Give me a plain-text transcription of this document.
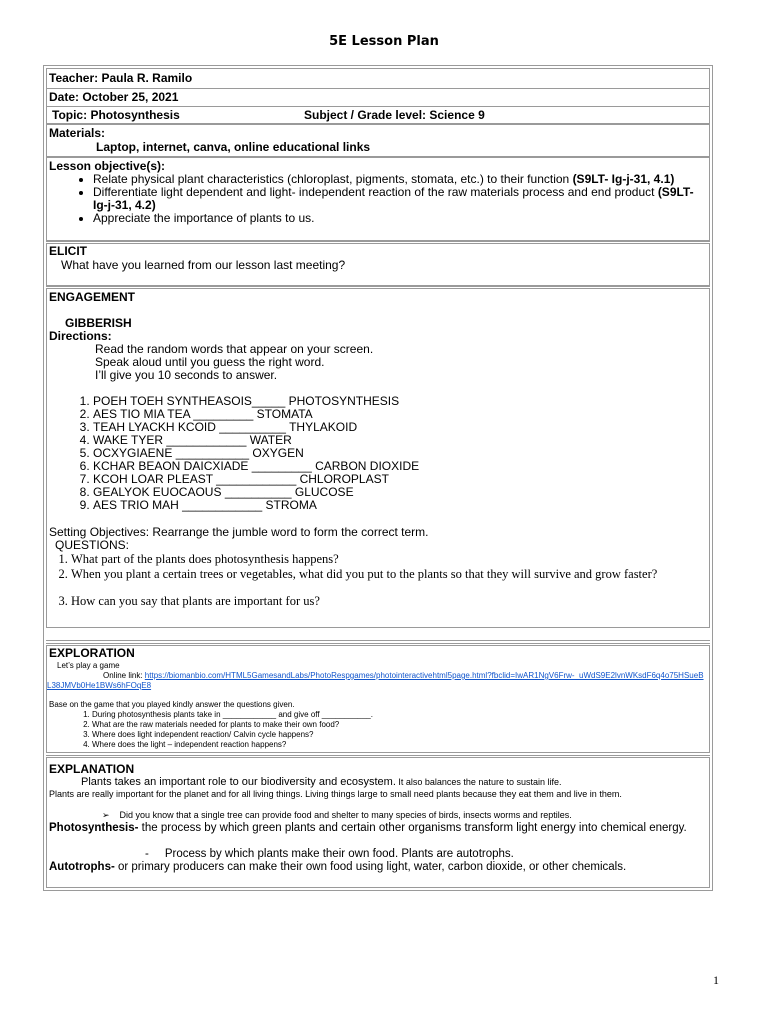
5E Lesson Plan
Teacher: Paula R. Ramilo
Date: October 25, 2021
Topic: Photosynthesis	Subject / Grade level: Science 9
Materials:
Laptop, internet, canva, online educational links
Lesson objective(s):
• Relate physical plant characteristics (chloroplast, pigments, stomata, etc.) to their function (S9LT- Ig-j-31, 4.1)
• Differentiate light dependent and light- independent reaction of the raw materials process and end product (S9LT- Ig-j-31, 4.2)
• Appreciate the importance of plants to us.
ELICIT
What have you learned from our lesson last meeting?
ENGAGEMENT
GIBBERISH
Directions:
Read the random words that appear on your screen.
Speak aloud until you guess the right word.
I’ll give you 10 seconds to answer.
1. POEH TOEH SYNTHEASOIS_____ PHOTOSYNTHESIS
2. AES TIO MIA TEA _________ STOMATA
3. TEAH LYACKH KCOID __________ THYLAKOID
4. WAKE TYER ____________ WATER
5. OCXYGIAENE ___________ OXYGEN
6. KCHAR BEAON DAICXIADE _________ CARBON DIOXIDE
7. KCOH LOAR PLEAST ____________ CHLOROPLAST
8. GEALYOK EUOCAOUS __________ GLUCOSE
9. AES TRIO MAH ____________ STROMA
Setting Objectives: Rearrange the jumble word to form the correct term.
QUESTIONS:
1. What part of the plants does photosynthesis happens?
2. When you plant a certain trees or vegetables, what did you put to the plants so that they will survive and grow faster?
3. How can you say that plants are important for us?
EXPLORATION
Let’s play a game
Online link: https://biomanbio.com/HTML5GamesandLabs/PhotoRespgames/photointeractivehtml5page.html?fbclid=IwAR1NgV6Frw-_uWdS9E2lvnWKsdF6q4o75HSueBL38JMVb0He1BWs6hFOqE8
Base on the game that you played kindly answer the questions given.
1. During photosynthesis plants take in ____________ and give off ___________.
2. What are the raw materials needed for plants to make their own food?
3. Where does light independent reaction/ Calvin cycle happens?
4. Where does the light – independent reaction happens?
EXPLANATION
Plants takes an important role to our biodiversity and ecosystem. It also balances the nature to sustain life.
Plants are really important for the planet and for all living things. Living things large to small need plants because they eat them and live in them.
➢ Did you know that a single tree can provide food and shelter to many species of birds, insects worms and reptiles.
Photosynthesis- the process by which green plants and certain other organisms transform light energy into chemical energy.
- Process by which plants make their own food. Plants are autotrophs.
Autotrophs- or primary producers can make their own food using light, water, carbon dioxide, or other chemicals.
1
